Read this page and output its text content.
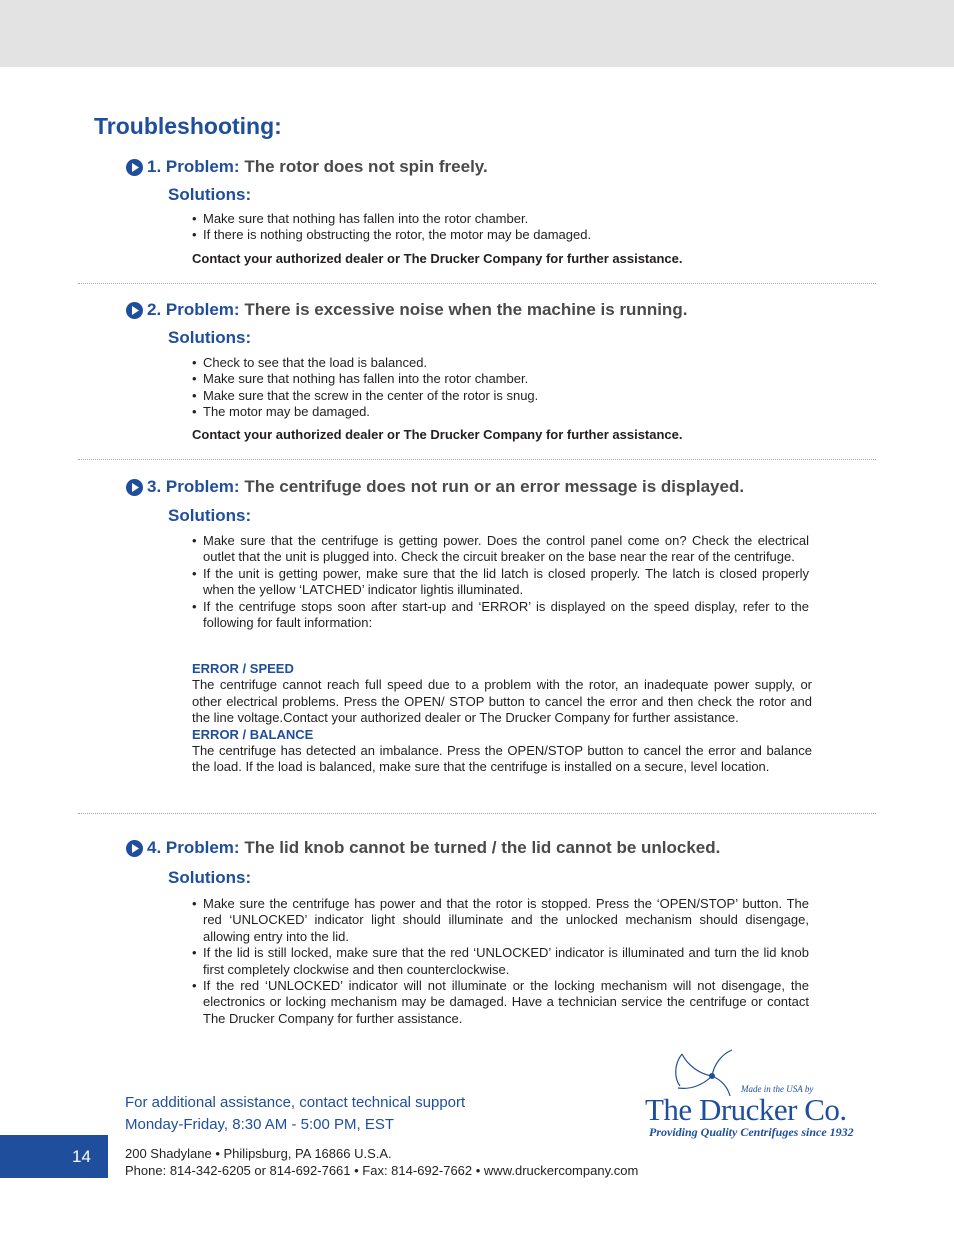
Troubleshooting:
1. Problem: The rotor does not spin freely.
Solutions:
• Make sure that nothing has fallen into the rotor chamber.
• If there is nothing obstructing the rotor, the motor may be damaged.
Contact your authorized dealer or The Drucker Company for further assistance.
2. Problem: There is excessive noise when the machine is running.
Solutions:
• Check to see that the load is balanced.
• Make sure that nothing has fallen into the rotor chamber.
• Make sure that the screw in the center of the rotor is snug.
• The motor may be damaged.
Contact your authorized dealer or The Drucker Company for further assistance.
3. Problem: The centrifuge does not run or an error message is displayed.
Solutions:
• Make sure that the centrifuge is getting power. Does the control panel come on? Check the electrical outlet that the unit is plugged into. Check the circuit breaker on the base near the rear of the centrifuge.
• If the unit is getting power, make sure that the lid latch is closed properly. The latch is closed properly when the yellow ‘LATCHED’ indicator lightis illuminated.
• If the centrifuge stops soon after start-up and ‘ERROR’ is displayed on the speed display, refer to the following for fault information:
ERROR / SPEED
The centrifuge cannot reach full speed due to a problem with the rotor, an inadequate power supply, or other electrical problems. Press the OPEN/ STOP button to cancel the error and then check the rotor and the line voltage.Contact your authorized dealer or The Drucker Company for further assistance.
ERROR / BALANCE
The centrifuge has detected an imbalance. Press the OPEN/STOP button to cancel the error and balance the load. If the load is balanced, make sure that the centrifuge is installed on a secure, level location.
4. Problem: The lid knob cannot be turned / the lid cannot be unlocked.
Solutions:
• Make sure the centrifuge has power and that the rotor is stopped. Press the ‘OPEN/STOP’ button. The red ‘UNLOCKED’ indicator light should illuminate and the unlocked mechanism should disengage, allowing entry into the lid.
• If the lid is still locked, make sure that the red ‘UNLOCKED’ indicator is illuminated and turn the lid knob first completely clockwise and then counterclockwise.
• If the red ‘UNLOCKED’ indicator will not illuminate or the locking mechanism will not disengage, the electronics or locking mechanism may be damaged. Have a technician service the centrifuge or contact The Drucker Company for further assistance.
For additional assistance, contact technical support
Monday-Friday, 8:30 AM - 5:00 PM, EST
200 Shadylane • Philipsburg, PA 16866 U.S.A.
Phone: 814-342-6205 or 814-692-7661 • Fax: 814-692-7662 • www.druckercompany.com
14
Made in the USA by
The Drucker Co.
Providing Quality Centrifuges since 1932
